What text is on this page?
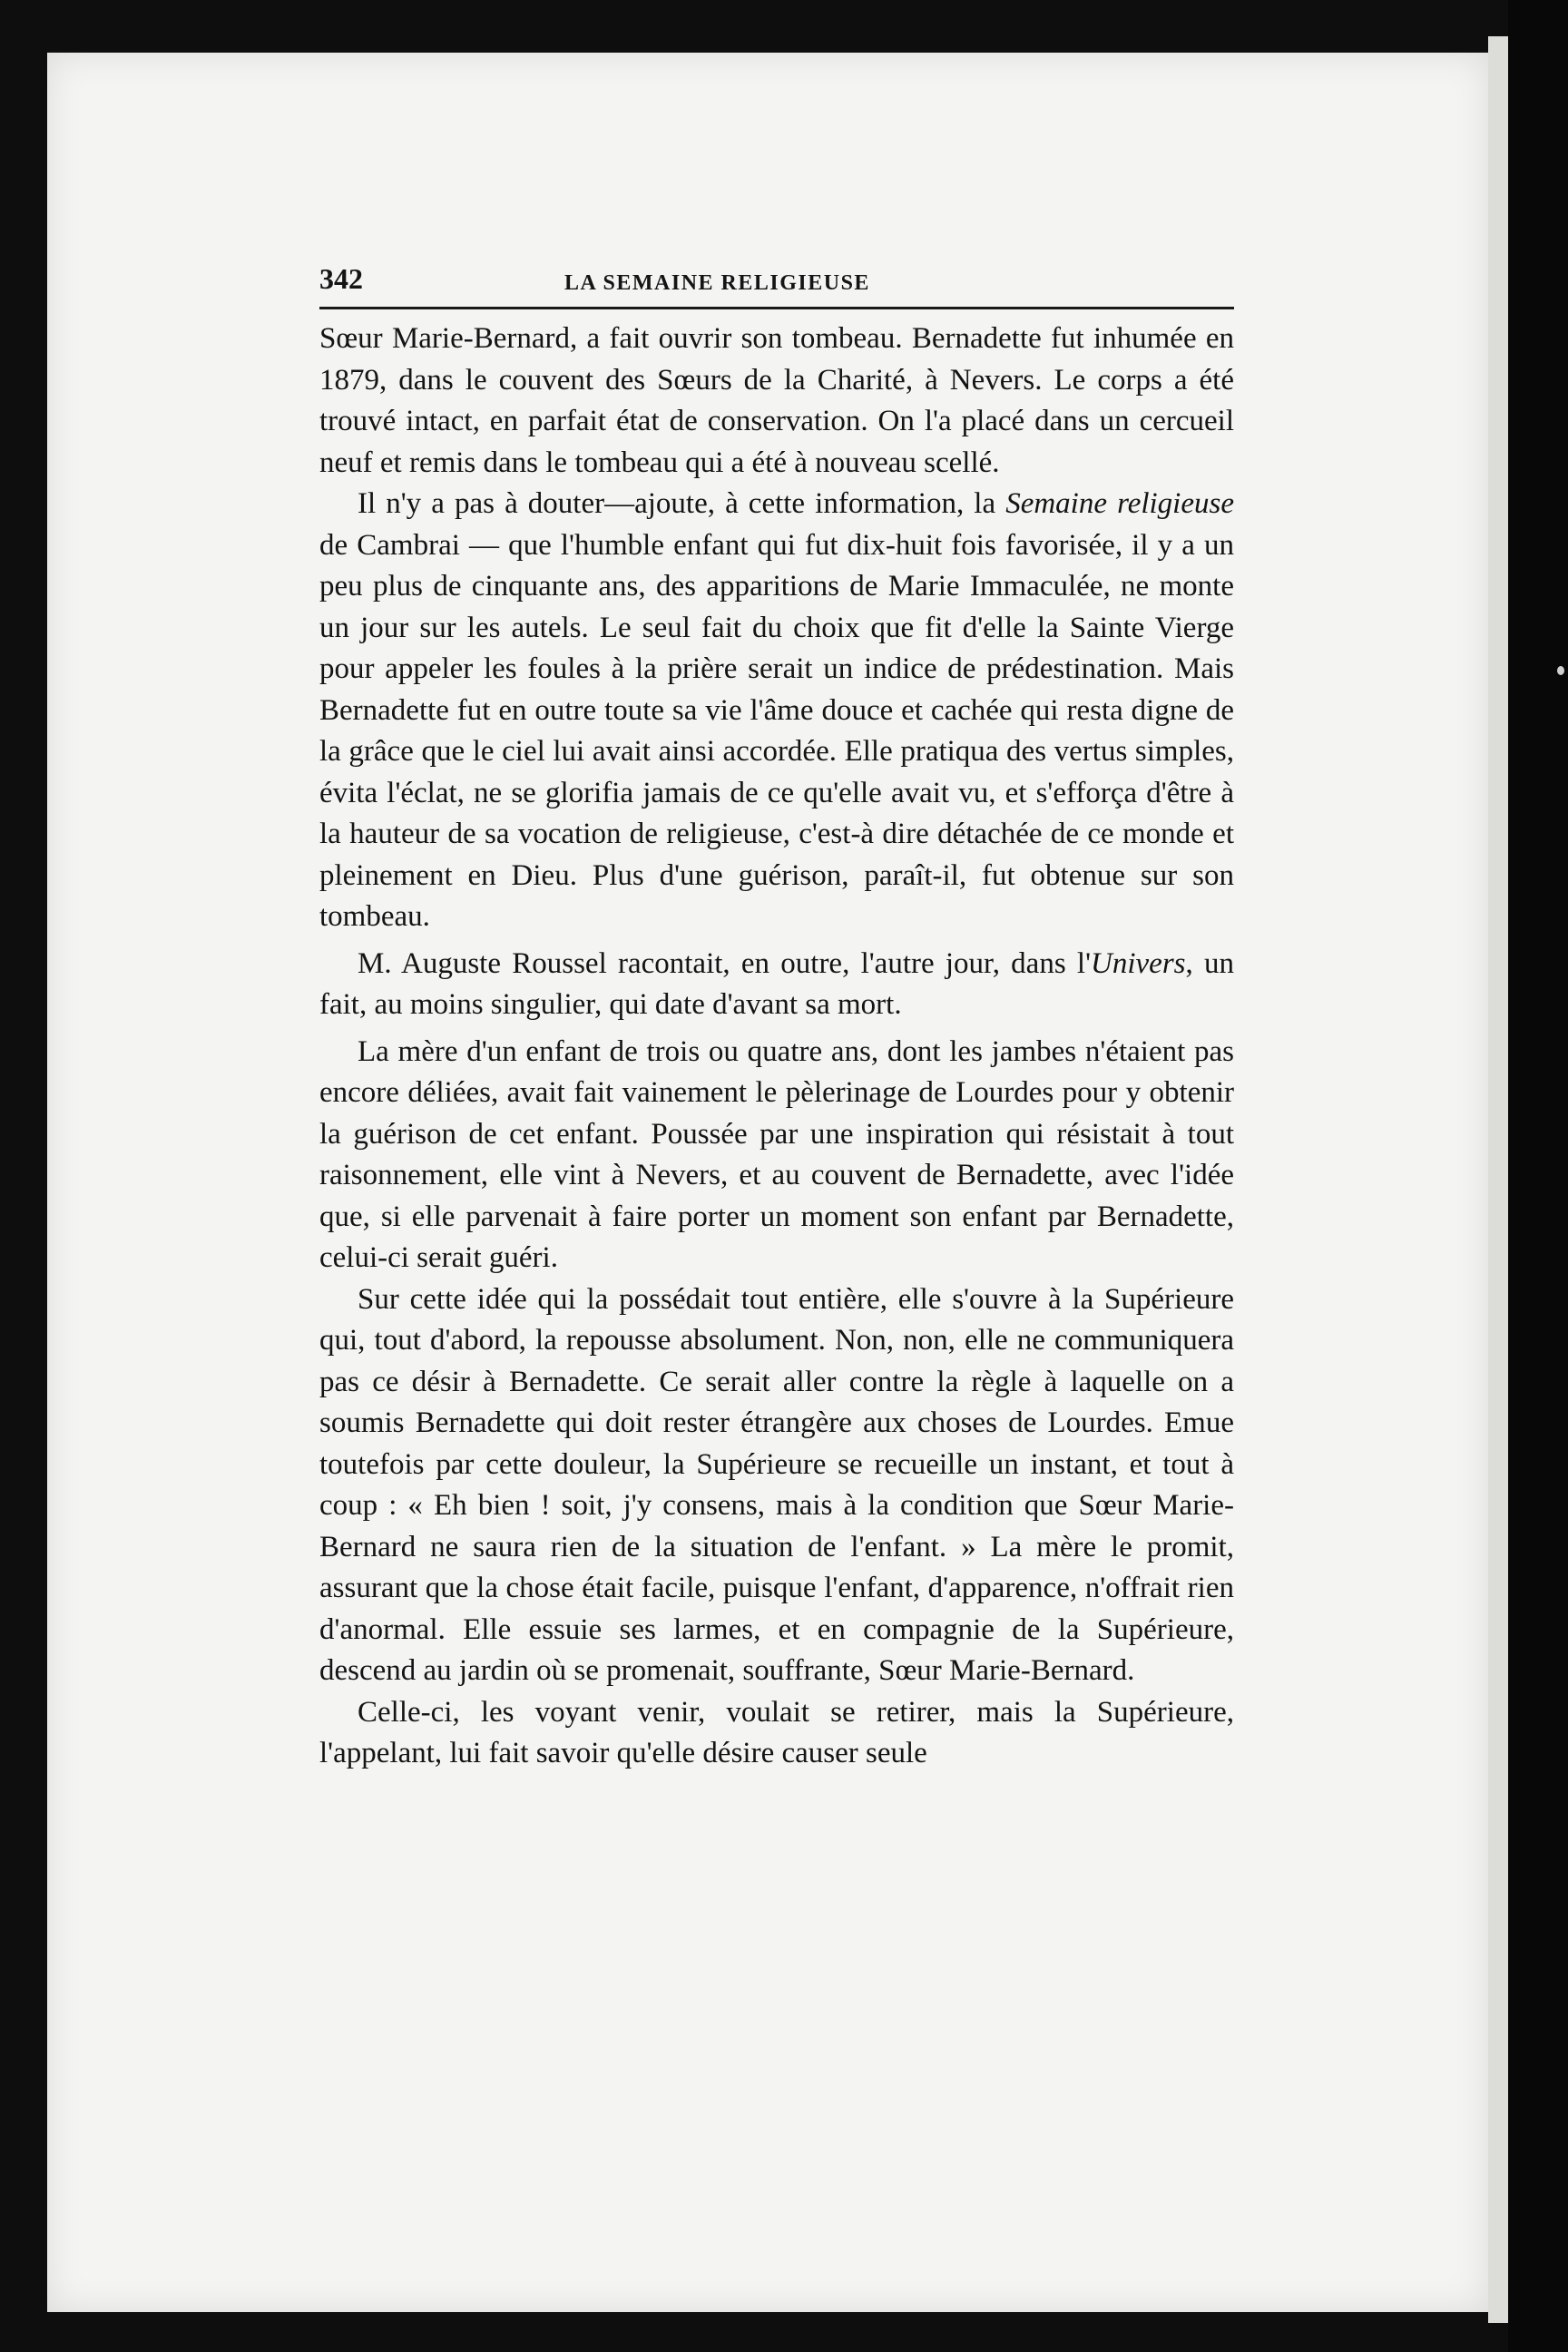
342	LA SEMAINE RELIGIEUSE

Sœur Marie-Bernard, a fait ouvrir son tombeau. Bernadette fut inhumée en 1879, dans le couvent des Sœurs de la Charité, à Nevers. Le corps a été trouvé intact, en parfait état de conservation. On l'a placé dans un cercueil neuf et remis dans le tombeau qui a été à nouveau scellé.

Il n'y a pas à douter—ajoute, à cette information, la Semaine religieuse de Cambrai — que l'humble enfant qui fut dix-huit fois favorisée, il y a un peu plus de cinquante ans, des apparitions de Marie Immaculée, ne monte un jour sur les autels. Le seul fait du choix que fit d'elle la Sainte Vierge pour appeler les foules à la prière serait un indice de prédestination. Mais Bernadette fut en outre toute sa vie l'âme douce et cachée qui resta digne de la grâce que le ciel lui avait ainsi accordée. Elle pratiqua des vertus simples, évita l'éclat, ne se glorifia jamais de ce qu'elle avait vu, et s'efforça d'être à la hauteur de sa vocation de religieuse, c'est-à dire détachée de ce monde et pleinement en Dieu. Plus d'une guérison, paraît-il, fut obtenue sur son tombeau.

M. Auguste Roussel racontait, en outre, l'autre jour, dans l'Univers, un fait, au moins singulier, qui date d'avant sa mort.

La mère d'un enfant de trois ou quatre ans, dont les jambes n'étaient pas encore déliées, avait fait vainement le pèlerinage de Lourdes pour y obtenir la guérison de cet enfant. Poussée par une inspiration qui résistait à tout raisonnement, elle vint à Nevers, et au couvent de Bernadette, avec l'idée que, si elle parvenait à faire porter un moment son enfant par Bernadette, celui-ci serait guéri.

Sur cette idée qui la possédait tout entière, elle s'ouvre à la Supérieure qui, tout d'abord, la repousse absolument. Non, non, elle ne communiquera pas ce désir à Bernadette. Ce serait aller contre la règle à laquelle on a soumis Bernadette qui doit rester étrangère aux choses de Lourdes. Emue toutefois par cette douleur, la Supérieure se recueille un instant, et tout à coup : « Eh bien ! soit, j'y consens, mais à la condition que Sœur Marie-Bernard ne saura rien de la situation de l'enfant. » La mère le promit, assurant que la chose était facile, puisque l'enfant, d'apparence, n'offrait rien d'anormal. Elle essuie ses larmes, et en compagnie de la Supérieure, descend au jardin où se promenait, souffrante, Sœur Marie-Bernard.

Celle-ci, les voyant venir, voulait se retirer, mais la Supérieure, l'appelant, lui fait savoir qu'elle désire causer seule
